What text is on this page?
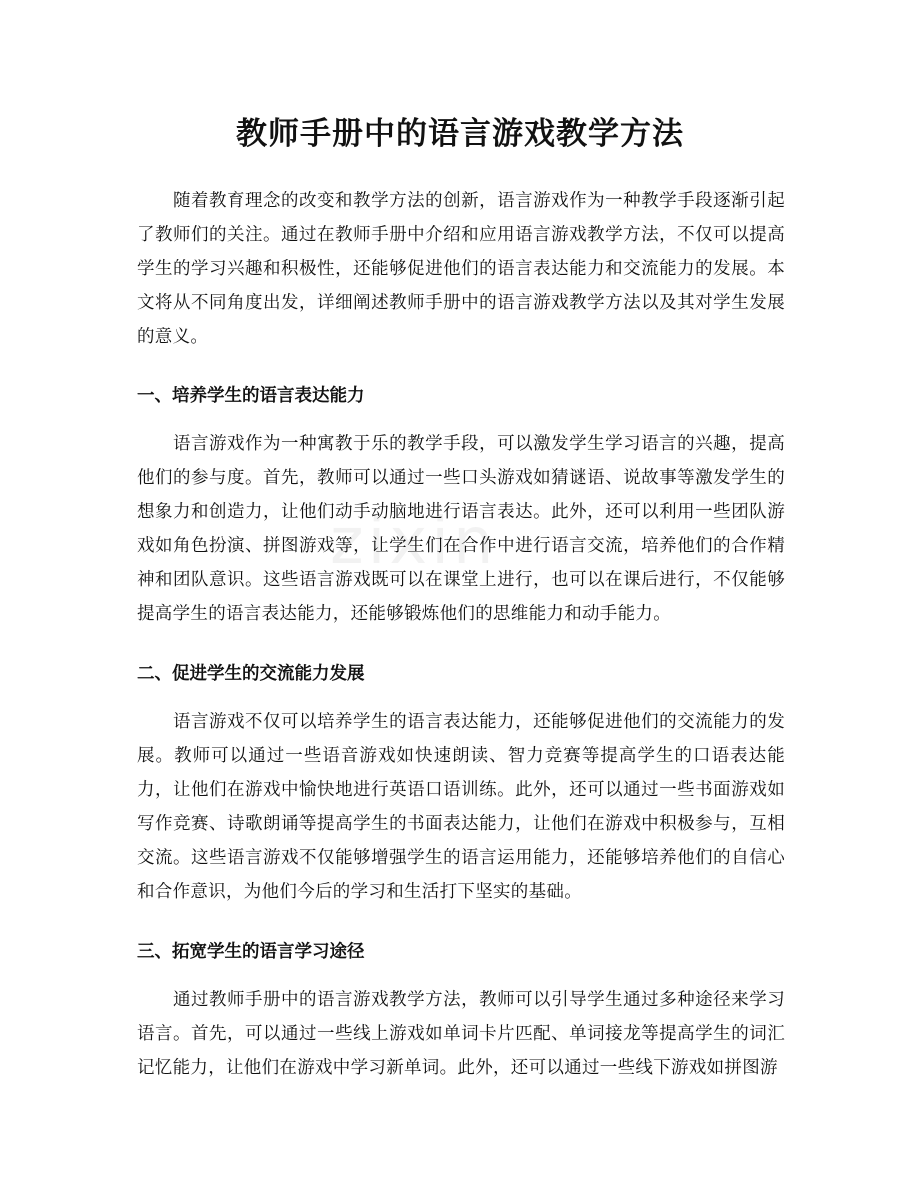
zixin
教师手册中的语言游戏教学方法

随着教育理念的改变和教学方法的创新，语言游戏作为一种教学手段逐渐引起了教师们的关注。通过在教师手册中介绍和应用语言游戏教学方法，不仅可以提高学生的学习兴趣和积极性，还能够促进他们的语言表达能力和交流能力的发展。本文将从不同角度出发，详细阐述教师手册中的语言游戏教学方法以及其对学生发展的意义。

一、培养学生的语言表达能力

语言游戏作为一种寓教于乐的教学手段，可以激发学生学习语言的兴趣，提高他们的参与度。首先，教师可以通过一些口头游戏如猜谜语、说故事等激发学生的想象力和创造力，让他们动手动脑地进行语言表达。此外，还可以利用一些团队游戏如角色扮演、拼图游戏等，让学生们在合作中进行语言交流，培养他们的合作精神和团队意识。这些语言游戏既可以在课堂上进行，也可以在课后进行，不仅能够提高学生的语言表达能力，还能够锻炼他们的思维能力和动手能力。

二、促进学生的交流能力发展

语言游戏不仅可以培养学生的语言表达能力，还能够促进他们的交流能力的发展。教师可以通过一些语音游戏如快速朗读、智力竞赛等提高学生的口语表达能力，让他们在游戏中愉快地进行英语口语训练。此外，还可以通过一些书面游戏如写作竞赛、诗歌朗诵等提高学生的书面表达能力，让他们在游戏中积极参与，互相交流。这些语言游戏不仅能够增强学生的语言运用能力，还能够培养他们的自信心和合作意识，为他们今后的学习和生活打下坚实的基础。

三、拓宽学生的语言学习途径

通过教师手册中的语言游戏教学方法，教师可以引导学生通过多种途径来学习语言。首先，可以通过一些线上游戏如单词卡片匹配、单词接龙等提高学生的词汇记忆能力，让他们在游戏中学习新单词。此外，还可以通过一些线下游戏如拼图游
